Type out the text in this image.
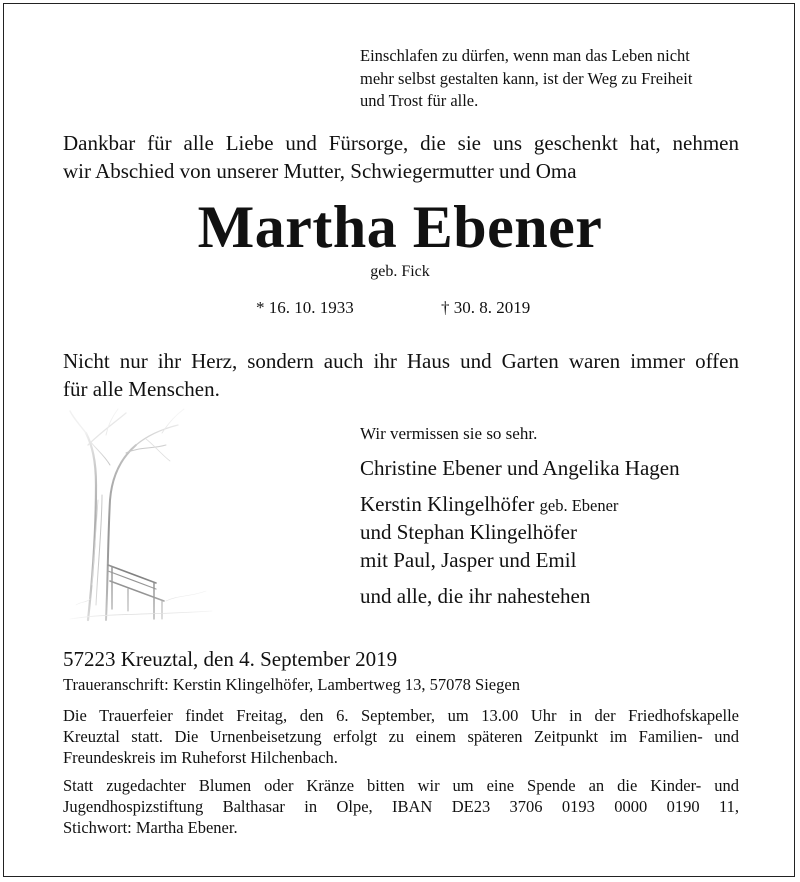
Einschlafen zu dürfen, wenn man das Leben nicht
mehr selbst gestalten kann, ist der Weg zu Freiheit
und Trost für alle.
Dankbar für alle Liebe und Fürsorge, die sie uns geschenkt hat, nehmen
wir Abschied von unserer Mutter, Schwiegermutter und Oma
Martha Ebener
geb. Fick
* 16. 10. 1933	† 30. 8. 2019
Nicht nur ihr Herz, sondern auch ihr Haus und Garten waren immer offen
für alle Menschen.
Wir vermissen sie so sehr.
Christine Ebener und Angelika Hagen
Kerstin Klingelhöfer geb. Ebener
und Stephan Klingelhöfer
mit Paul, Jasper und Emil
und alle, die ihr nahestehen
57223 Kreuztal, den 4. September 2019
Traueranschrift: Kerstin Klingelhöfer, Lambertweg 13, 57078 Siegen
Die Trauerfeier findet Freitag, den 6. September, um 13.00 Uhr in der Friedhofskapelle
Kreuztal statt. Die Urnenbeisetzung erfolgt zu einem späteren Zeitpunkt im Familien- und
Freundeskreis im Ruheforst Hilchenbach.
Statt zugedachter Blumen oder Kränze bitten wir um eine Spende an die Kinder- und
Jugendhospizstiftung Balthasar in Olpe, IBAN DE23 3706 0193 0000 0190 11,
Stichwort: Martha Ebener.
